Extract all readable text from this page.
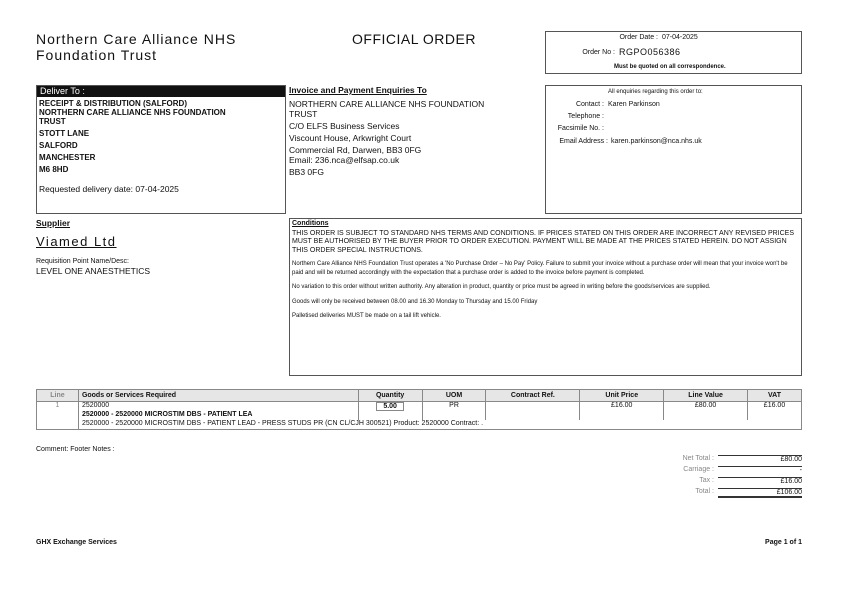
Northern Care Alliance NHS
Foundation Trust
OFFICIAL ORDER	Order Date : 07-04-2025
Order No : RGPO056386
Must be quoted on all correspondence.
Deliver To :
RECEIPT & DISTRIBUTION (SALFORD)
NORTHERN CARE ALLIANCE NHS FOUNDATION
TRUST
STOTT LANE
SALFORD
MANCHESTER
M6 8HD
Requested delivery date: 07-04-2025
Invoice and Payment Enquiries To
NORTHERN CARE ALLIANCE NHS FOUNDATION
TRUST
C/O ELFS Business Services
Viscount House, Arkwright Court
Commercial Rd, Darwen, BB3 0FG
Email: 236.nca@elfsap.co.uk
BB3 0FG
All enquiries regarding this order to:
Contact : Karen Parkinson
Telephone :
Facsimile No. :
Email Address : karen.parkinson@nca.nhs.uk
Supplier
Viamed Ltd
Requisition Point Name/Desc:
LEVEL ONE ANAESTHETICS
Conditions
THIS ORDER IS SUBJECT TO STANDARD NHS TERMS AND CONDITIONS. IF PRICES STATED ON THIS ORDER ARE INCORRECT ANY REVISED PRICES MUST BE AUTHORISED BY THE BUYER PRIOR TO ORDER EXECUTION. PAYMENT WILL BE MADE AT THE PRICES STATED HEREIN. DO NOT ASSIGN THIS ORDER SPECIAL INSTRUCTIONS.
Northern Care Alliance NHS Foundation Trust operates a 'No Purchase Order – No Pay' Policy. Failure to submit your invoice without a purchase order will mean that your invoice won't be paid and will be returned accordingly with the expectation that a purchase order is added to the invoice before payment is completed.
No variation to this order without written authority. Any alteration in product, quantity or price must be agreed in writing before the goods/services are supplied.
Goods will only be received between 08.00 and 16.30 Monday to Thursday and 15.00 Friday
Palletised deliveries MUST be made on a tail lift vehicle.
Line	Goods or Services Required	Quantity	UOM	Contract Ref.	Unit Price	Line Value	VAT
1	2520000	5.00	PR		£16.00	£80.00	£16.00
	2520000 - 2520000 MICROSTIM DBS - PATIENT LEA						
	2520000 - 2520000 MICROSTIM DBS - PATIENT LEAD - PRESS STUDS PR (CN CL/CJH 300521) Product: 2520000 Contract: .						
Comment: Footer Notes :
Net Total :	£80.00
Carriage :	-
Tax :	£16.00
Total :	£106.00
GHX Exchange Services	Page 1 of 1
